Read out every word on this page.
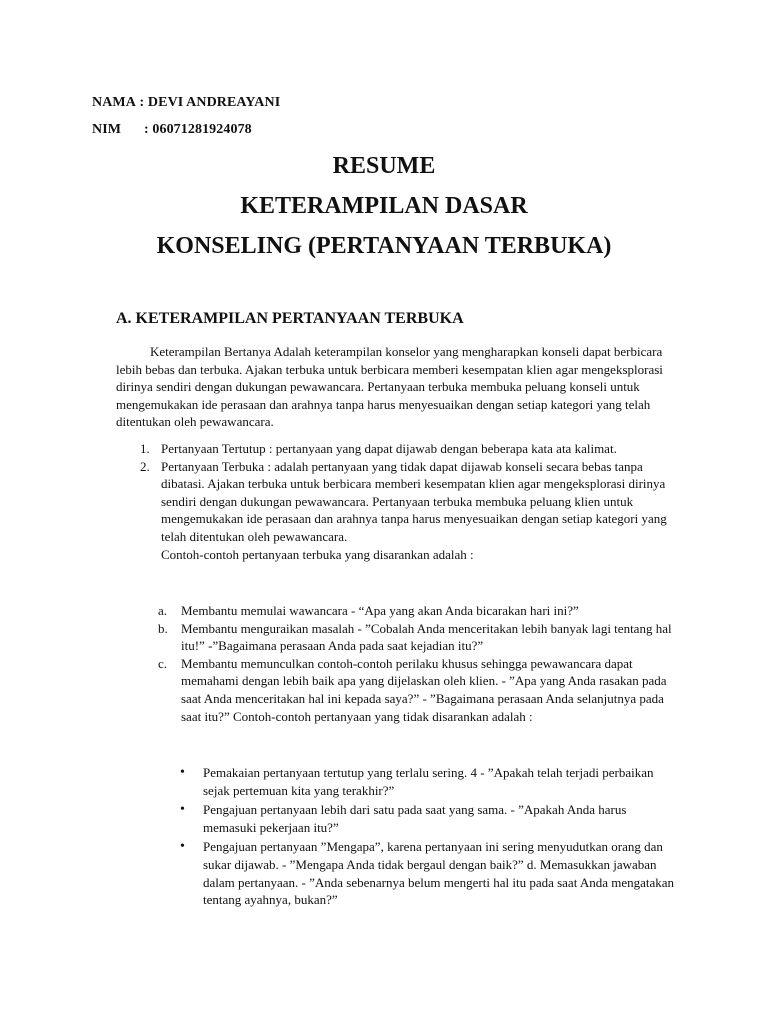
NAMA : DEVI ANDREAYANI
NIM : 06071281924078
RESUME
KETERAMPILAN DASAR
KONSELING (PERTANYAAN TERBUKA)
A. KETERAMPILAN PERTANYAAN TERBUKA

Keterampilan Bertanya Adalah keterampilan konselor yang mengharapkan konseli dapat berbicara lebih bebas dan terbuka. Ajakan terbuka untuk berbicara memberi kesempatan klien agar mengeksplorasi dirinya sendiri dengan dukungan pewawancara. Pertanyaan terbuka membuka peluang konseli untuk mengemukakan ide perasaan dan arahnya tanpa harus menyesuaikan dengan setiap kategori yang telah ditentukan oleh pewawancara.

1. Pertanyaan Tertutup : pertanyaan yang dapat dijawab dengan beberapa kata ata kalimat.
2. Pertanyaan Terbuka : adalah pertanyaan yang tidak dapat dijawab konseli secara bebas tanpa dibatasi. Ajakan terbuka untuk berbicara memberi kesempatan klien agar mengeksplorasi dirinya sendiri dengan dukungan pewawancara. Pertanyaan terbuka membuka peluang klien untuk mengemukakan ide perasaan dan arahnya tanpa harus menyesuaikan dengan setiap kategori yang telah ditentukan oleh pewawancara.
Contoh-contoh pertanyaan terbuka yang disarankan adalah :
a. Membantu memulai wawancara - “Apa yang akan Anda bicarakan hari ini?”
b. Membantu menguraikan masalah - ”Cobalah Anda menceritakan lebih banyak lagi tentang hal itu!” -”Bagaimana perasaan Anda pada saat kejadian itu?”
c. Membantu memunculkan contoh-contoh perilaku khusus sehingga pewawancara dapat memahami dengan lebih baik apa yang dijelaskan oleh klien. - ”Apa yang Anda rasakan pada saat Anda menceritakan hal ini kepada saya?” - ”Bagaimana perasaan Anda selanjutnya pada saat itu?” Contoh-contoh pertanyaan yang tidak disarankan adalah :
• Pemakaian pertanyaan tertutup yang terlalu sering. 4 - ”Apakah telah terjadi perbaikan sejak pertemuan kita yang terakhir?”
• Pengajuan pertanyaan lebih dari satu pada saat yang sama. - ”Apakah Anda harus memasuki pekerjaan itu?”
• Pengajuan pertanyaan ”Mengapa”, karena pertanyaan ini sering menyudutkan orang dan sukar dijawab. - ”Mengapa Anda tidak bergaul dengan baik?” d. Memasukkan jawaban dalam pertanyaan. - ”Anda sebenarnya belum mengerti hal itu pada saat Anda mengatakan tentang ayahnya, bukan?”
